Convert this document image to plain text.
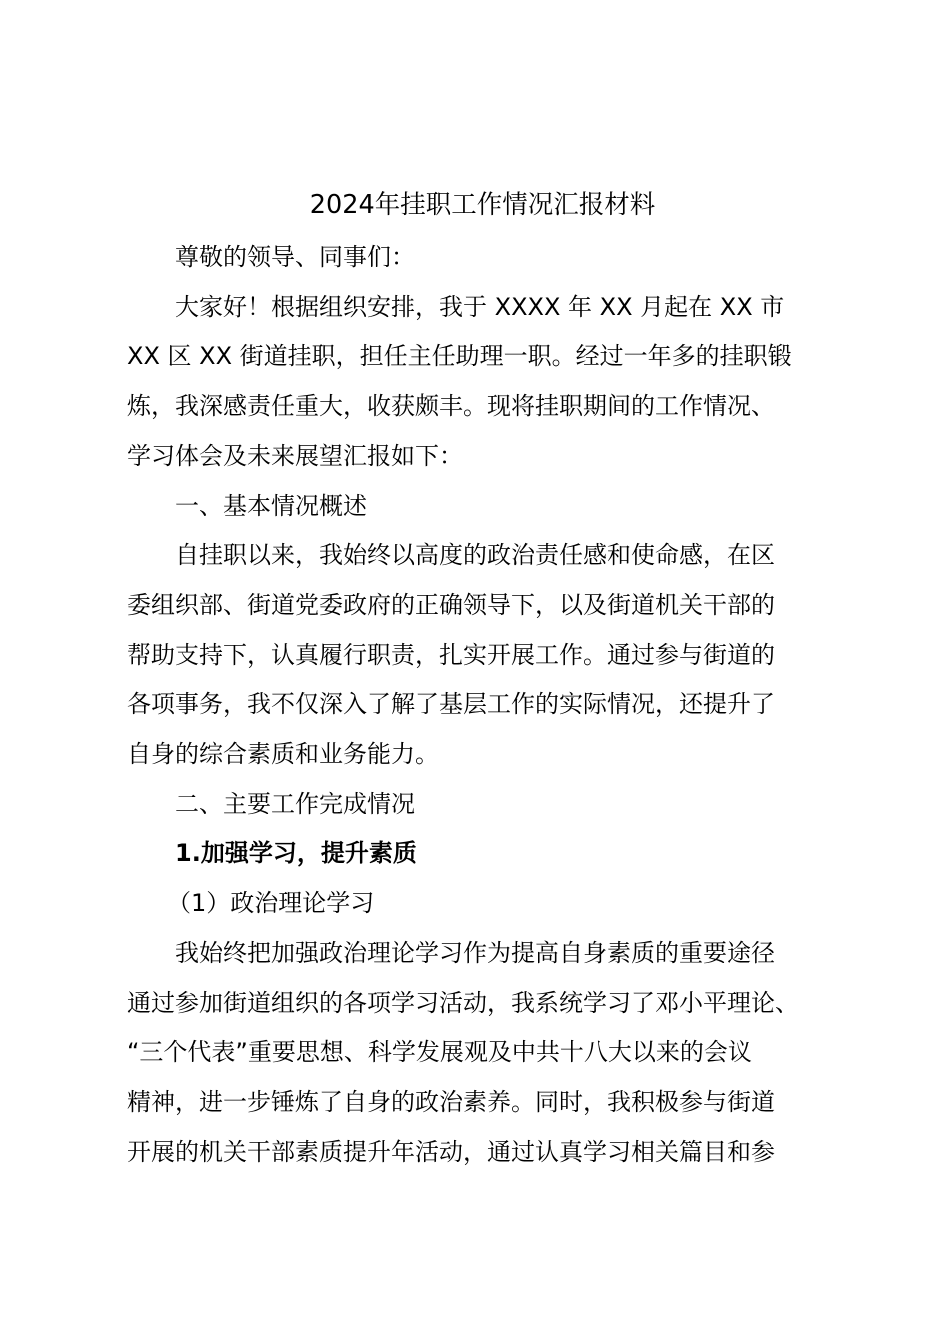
2024年挂职工作情况汇报材料
尊敬的领导、同事们：
大家好！根据组织安排，我于 XXXX 年 XX 月起在 XX 市
XX 区 XX 街道挂职，担任主任助理一职。经过一年多的挂职锻
炼，我深感责任重大，收获颇丰。现将挂职期间的工作情况、
学习体会及未来展望汇报如下：
一、基本情况概述
自挂职以来，我始终以高度的政治责任感和使命感，在区
委组织部、街道党委政府的正确领导下，以及街道机关干部的
帮助支持下，认真履行职责，扎实开展工作。通过参与街道的
各项事务，我不仅深入了解了基层工作的实际情况，还提升了
自身的综合素质和业务能力。
二、主要工作完成情况
1.加强学习，提升素质
（1）政治理论学习
我始终把加强政治理论学习作为提高自身素质的重要途径
通过参加街道组织的各项学习活动，我系统学习了邓小平理论、
“三个代表”重要思想、科学发展观及中共十八大以来的会议
精神，进一步锤炼了自身的政治素养。同时，我积极参与街道
开展的机关干部素质提升年活动，通过认真学习相关篇目和参
